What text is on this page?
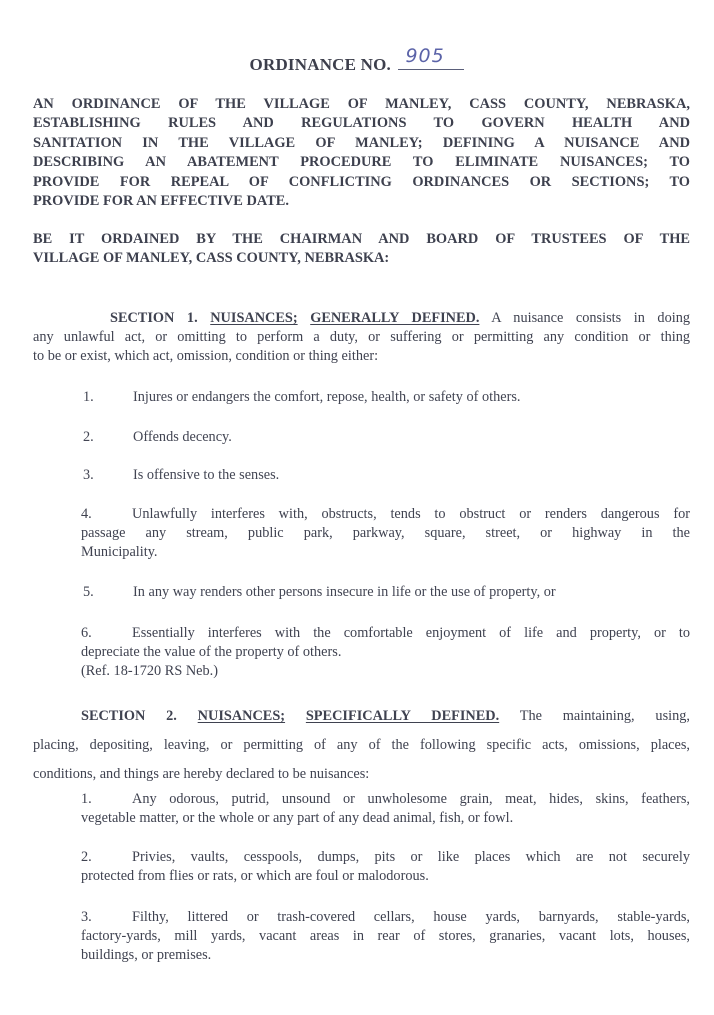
ORDINANCE NO. 905
AN ORDINANCE OF THE VILLAGE OF MANLEY, CASS COUNTY, NEBRASKA,
ESTABLISHING RULES AND REGULATIONS TO GOVERN HEALTH AND
SANITATION IN THE VILLAGE OF MANLEY; DEFINING A NUISANCE AND
DESCRIBING AN ABATEMENT PROCEDURE TO ELIMINATE NUISANCES; TO
PROVIDE FOR REPEAL OF CONFLICTING ORDINANCES OR SECTIONS; TO
PROVIDE FOR AN EFFECTIVE DATE.
BE IT ORDAINED BY THE CHAIRMAN AND BOARD OF TRUSTEES OF THE
VILLAGE OF MANLEY, CASS COUNTY, NEBRASKA:
SECTION 1. NUISANCES; GENERALLY DEFINED. A nuisance consists in doing
any unlawful act, or omitting to perform a duty, or suffering or permitting any condition or thing
to be or exist, which act, omission, condition or thing either:
1.	Injures or endangers the comfort, repose, health, or safety of others.
2.	Offends decency.
3.	Is offensive to the senses.
4.	Unlawfully interferes with, obstructs, tends to obstruct or renders dangerous for
passage any stream, public park, parkway, square, street, or highway in the
Municipality.
5.	In any way renders other persons insecure in life or the use of property, or
6.	Essentially interferes with the comfortable enjoyment of life and property, or to
depreciate the value of the property of others.
(Ref. 18-1720 RS Neb.)
SECTION 2. NUISANCES; SPECIFICALLY DEFINED. The maintaining, using,
placing, depositing, leaving, or permitting of any of the following specific acts, omissions, places,
conditions, and things are hereby declared to be nuisances:
1.	Any odorous, putrid, unsound or unwholesome grain, meat, hides, skins, feathers,
vegetable matter, or the whole or any part of any dead animal, fish, or fowl.
2.	Privies, vaults, cesspools, dumps, pits or like places which are not securely
protected from flies or rats, or which are foul or malodorous.
3.	Filthy, littered or trash-covered cellars, house yards, barnyards, stable-yards,
factory-yards, mill yards, vacant areas in rear of stores, granaries, vacant lots, houses,
buildings, or premises.
